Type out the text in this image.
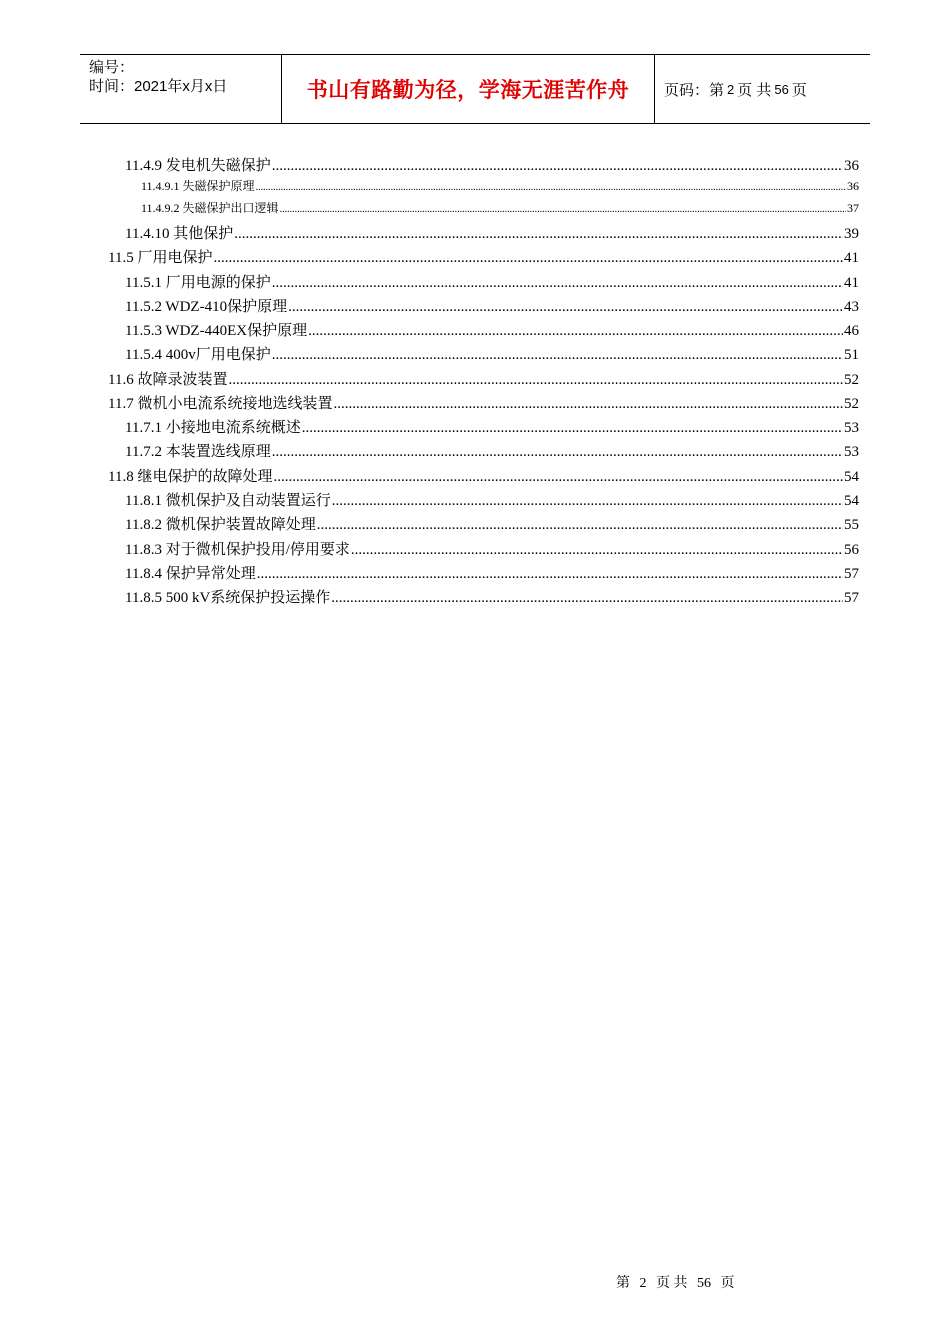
编号：
时间：2021年x月x日	书山有路勤为径，学海无涯苦作舟	页码：第 2 页 共 56 页
11.4.9 发电机失磁保护 .....	36
11.4.9.1 失磁保护原理 .....	36
11.4.9.2 失磁保护出口逻辑 .....	37
11.4.10 其他保护 .....	39
11.5 厂用电保护 .....	41
11.5.1 厂用电源的保护 .....	41
11.5.2 WDZ-410保护原理 .....	43
11.5.3 WDZ-440EX保护原理 .....	46
11.5.4 400v厂用电保护 .....	51
11.6 故障录波装置 .....	52
11.7 微机小电流系统接地选线装置 .....	52
11.7.1 小接地电流系统概述 .....	53
11.7.2 本装置选线原理 .....	53
11.8 继电保护的故障处理 .....	54
11.8.1 微机保护及自动装置运行 .....	54
11.8.2 微机保护装置故障处理 .....	55
11.8.3 对于微机保护投用/停用要求 .....	56
11.8.4 保护异常处理 .....	57
11.8.5 500 kV系统保护投运操作 .....	57
第 2 页 共 56 页
